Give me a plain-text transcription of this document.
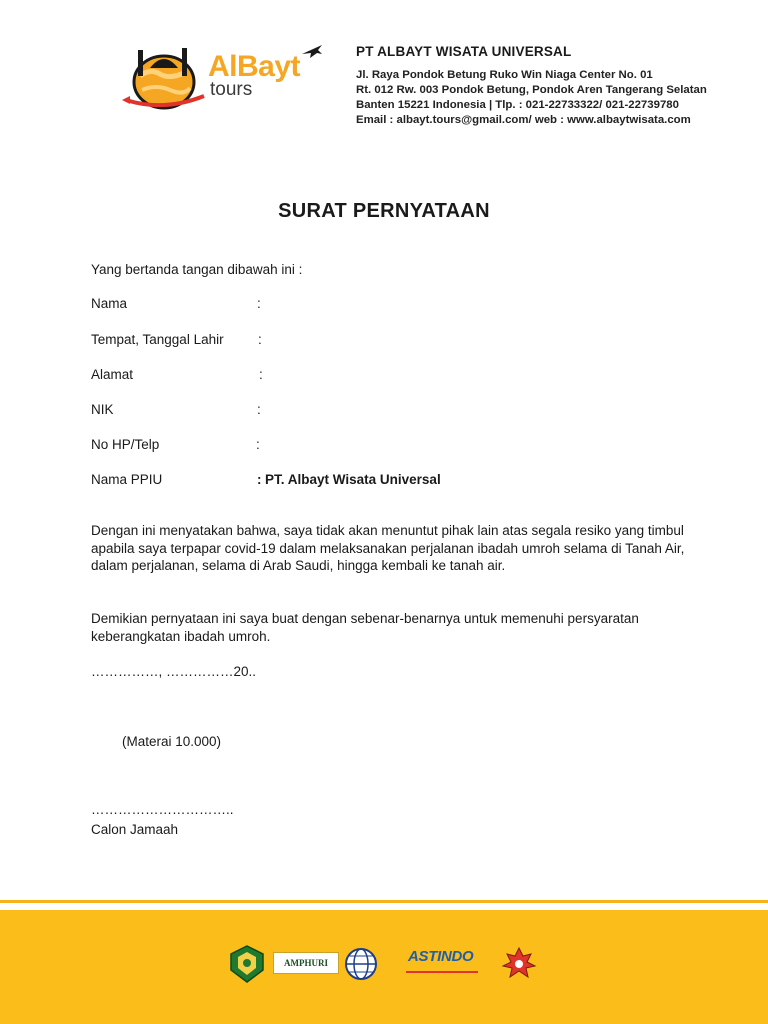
AlBayt
tours
PT ALBAYT WISATA UNIVERSAL
Jl. Raya Pondok Betung Ruko Win Niaga Center No. 01
Rt. 012 Rw. 003 Pondok Betung, Pondok Aren Tangerang Selatan
Banten 15221 Indonesia | Tlp. : 021-22733322/ 021-22739780
Email : albayt.tours@gmail.com/ web : www.albaytwisata.com
SURAT PERNYATAAN
Yang bertanda tangan dibawah ini :
Nama	:
Tempat, Tanggal Lahir	:
Alamat	:
NIK	:
No HP/Telp	:
Nama PPIU	: PT. Albayt Wisata Universal
Dengan ini menyatakan bahwa, saya tidak akan menuntut pihak lain atas segala resiko yang timbul apabila saya terpapar covid-19 dalam melaksanakan perjalanan ibadah umroh selama di Tanah Air, dalam perjalanan, selama di Arab Saudi, hingga kembali ke tanah air.
Demikian pernyataan ini saya buat dengan sebenar-benarnya untuk memenuhi persyaratan keberangkatan ibadah umroh.
……………, ……………20..
(Materai 10.000)
…………………………..
Calon Jamaah
AMPHURI	ASTINDO
